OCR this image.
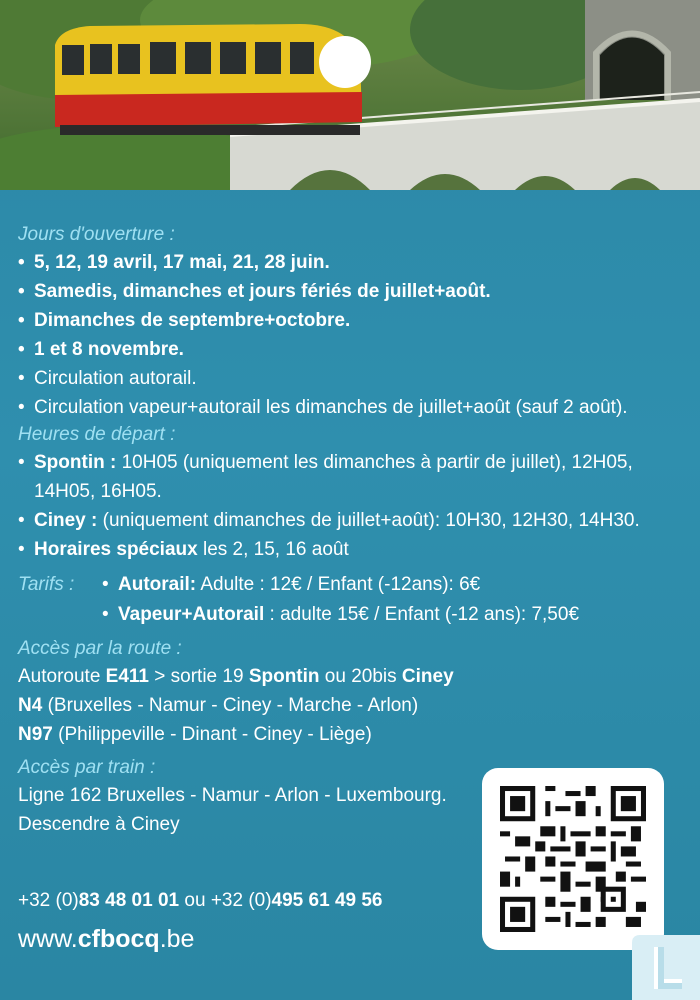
Jours d'ouverture :
• 5, 12, 19 avril, 17 mai, 21, 28 juin.
• Samedis, dimanches et jours fériés de juillet+août.
• Dimanches de septembre+octobre.
• 1 et 8 novembre.
• Circulation autorail.
• Circulation vapeur+autorail les dimanches de juillet+août (sauf 2 août).
Heures de départ :
• Spontin : 10H05 (uniquement les dimanches à partir de juillet), 12H05,
14H05, 16H05.
• Ciney : (uniquement dimanches de juillet+août): 10H30, 12H30, 14H30.
• Horaires spéciaux les 2, 15, 16 août
Tarifs : • Autorail: Adulte : 12€ / Enfant (-12ans): 6€
• Vapeur+Autorail : adulte 15€ / Enfant (-12 ans): 7,50€
Accès par la route :
Autoroute E411 > sortie 19 Spontin ou 20bis Ciney
N4 (Bruxelles - Namur - Ciney - Marche - Arlon)
N97 (Philippeville - Dinant - Ciney - Liège)
Accès par train :
Ligne 162 Bruxelles - Namur - Arlon - Luxembourg.
Descendre à Ciney
+32 (0)83 48 01 01 ou +32 (0)495 61 49 56
www.cfbocq.be
